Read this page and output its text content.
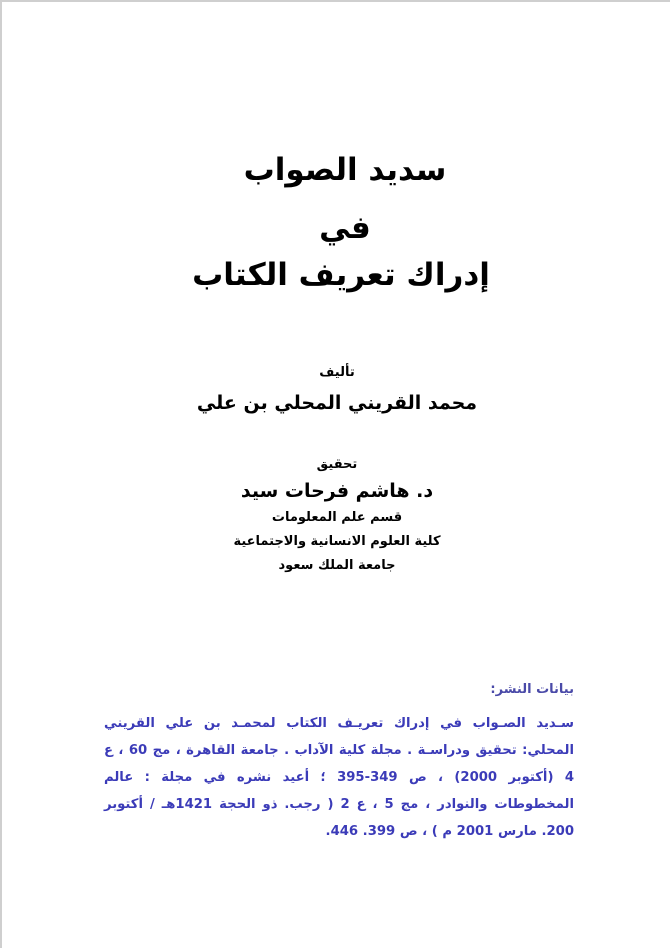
سديد الصواب
في
إدراك تعريف الكتاب
تأليف
محمد القريني المحلي بن علي
تحقيق
د. هاشم فرحات سيد
قسم علم المعلومات
كلية العلوم الانسانية والاجتماعية
جامعة الملك سعود
بيانات النشر:
سـديد الصـواب في إدراك تعريـف الكتاب لمحمـد بن علي القريني المحلي: تحقيق ودراسـة . مجلة كلية الآداب . جامعة القاهرة ، مج 60 ، ع 4 (أكتوبر 2000) ، ص 349-395 ؛ أعيد نشره في مجلة : عالم المخطوطات والنوادر ، مج 5 ، ع 2 ( رجب. ذو الحجة 1421هـ / أكتوبر 200. مارس 2001 م ) ، ص 399. 446.
